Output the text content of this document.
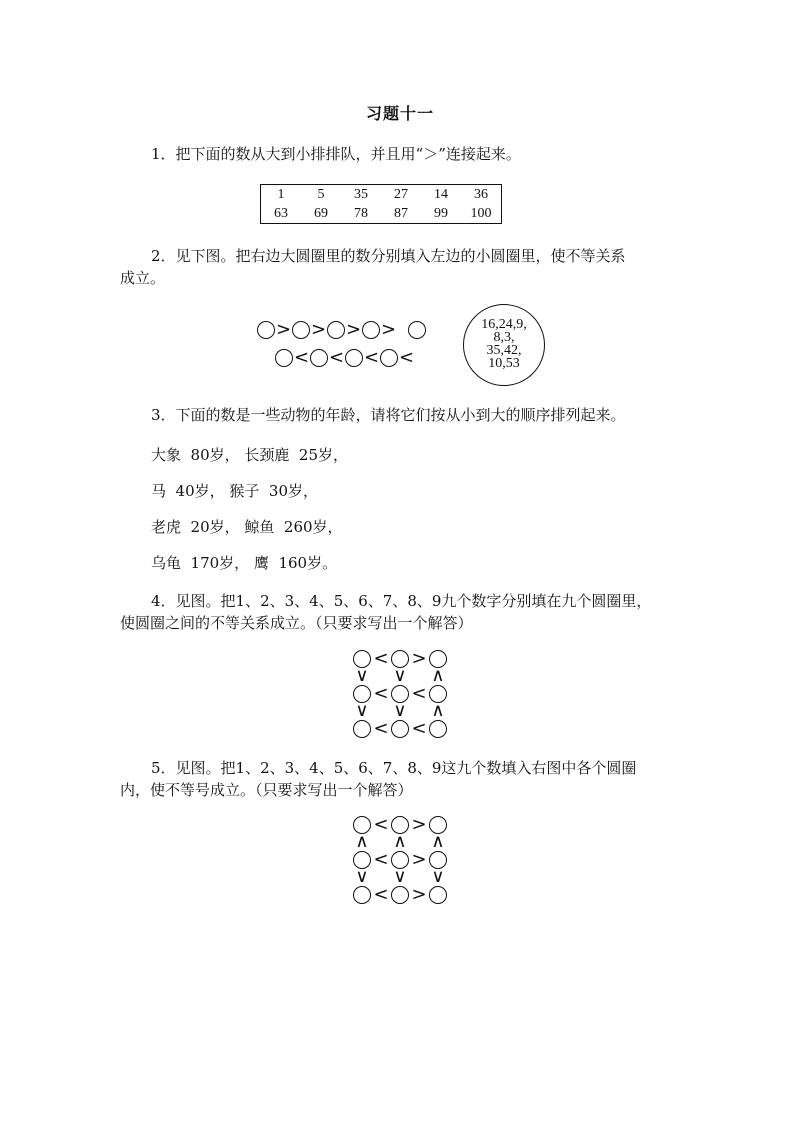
习题十一
1．把下面的数从大到小排排队，并且用“＞”连接起来。
1	5	35	27	14	36
63	69	78	87	99	100
2．见下图。把右边大圆圈里的数分别填入左边的小圆圈里，使不等关系
成立。
> > > >
< < < <
16,24,9,
8,3,
35,42,
10,53
3．下面的数是一些动物的年龄，请将它们按从小到大的顺序排列起来。
大象  80岁， 长颈鹿  25岁，
马  40岁， 猴子  30岁，
老虎  20岁， 鲸鱼  260岁，
乌龟  170岁， 鹰  160岁。
4．见图。把1、2、3、4、5、6、7、8、9九个数字分别填在九个圆圈里，
使圆圈之间的不等关系成立。（只要求写出一个解答）
< >
∨ ∨ ∧
< <
∨ ∨ ∧
< <
5．见图。把1、2、3、4、5、6、7、8、9这九个数填入右图中各个圆圈
内，使不等号成立。（只要求写出一个解答）
< >
∧ ∧ ∧
< >
∨ ∨ ∨
< >
